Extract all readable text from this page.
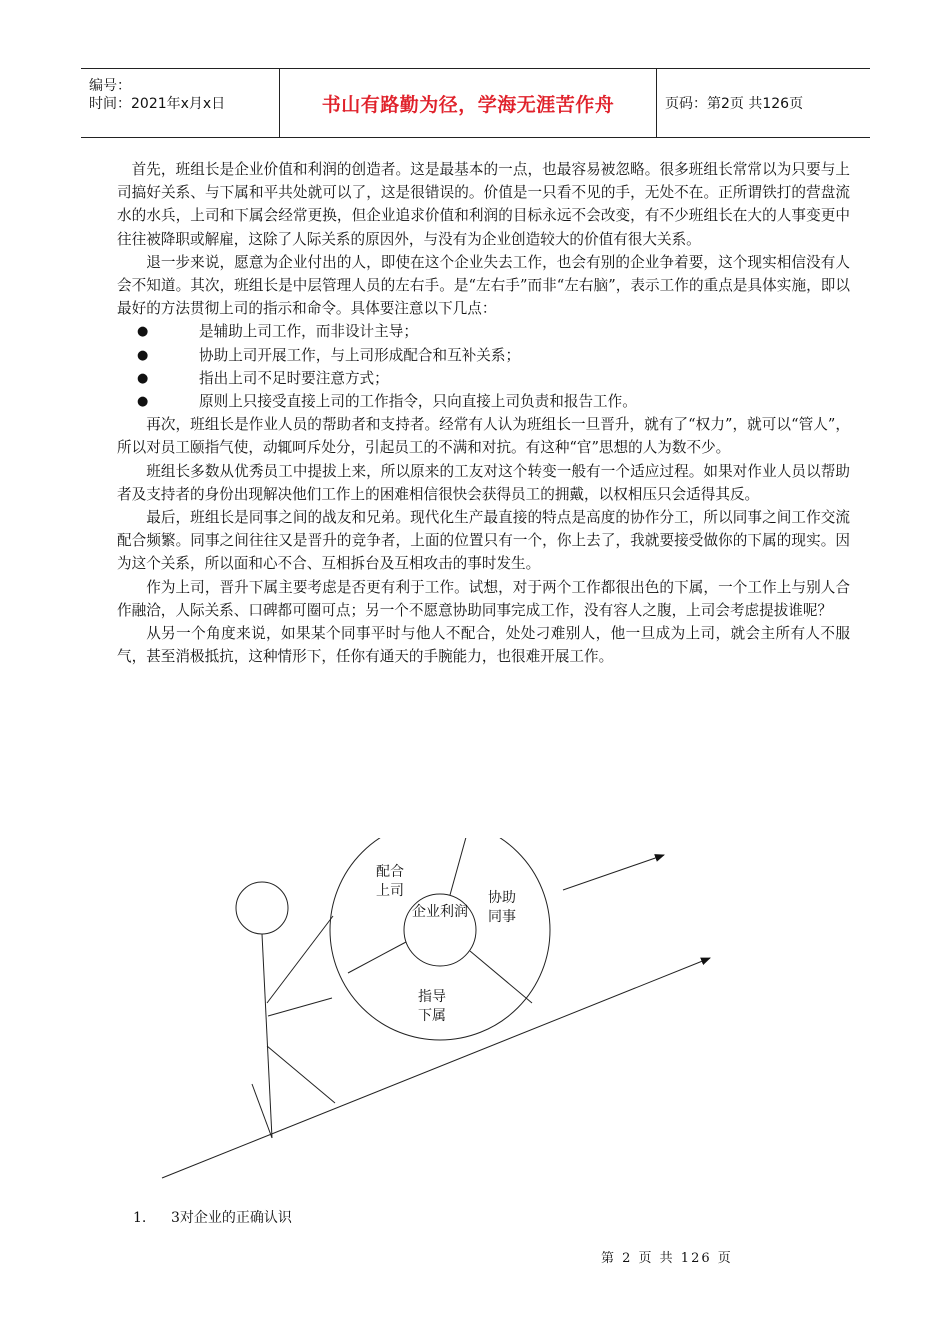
编号：
时间：2021年x月x日	书山有路勤为径，学海无涯苦作舟	页码：第2页 共126页

首先，班组长是企业价值和利润的创造者。这是最基本的一点，也最容易被忽略。很多班组长常常以为只要与上司搞好关系、与下属和平共处就可以了，这是很错误的。价值是一只看不见的手，无处不在。正所谓铁打的营盘流水的水兵，上司和下属会经常更换，但企业追求价值和利润的目标永远不会改变，有不少班组长在大的人事变更中往往被降职或解雇，这除了人际关系的原因外，与没有为企业创造较大的价值有很大关系。

退一步来说，愿意为企业付出的人，即使在这个企业失去工作，也会有别的企业争着要，这个现实相信没有人会不知道。其次，班组长是中层管理人员的左右手。是“左右手”而非“左右脑”，表示工作的重点是具体实施，即以最好的方法贯彻上司的指示和命令。具体要注意以下几点：

●	是辅助上司工作，而非设计主导；
●	协助上司开展工作，与上司形成配合和互补关系；
●	指出上司不足时要注意方式；
●	原则上只接受直接上司的工作指令，只向直接上司负责和报告工作。

再次，班组长是作业人员的帮助者和支持者。经常有人认为班组长一旦晋升，就有了“权力”，就可以“管人”，所以对员工颐指气使，动辄呵斥处分，引起员工的不满和对抗。有这种“官”思想的人为数不少。

班组长多数从优秀员工中提拔上来，所以原来的工友对这个转变一般有一个适应过程。如果对作业人员以帮助者及支持者的身份出现解决他们工作上的困难相信很快会获得员工的拥戴，以权相压只会适得其反。

最后，班组长是同事之间的战友和兄弟。现代化生产最直接的特点是高度的协作分工，所以同事之间工作交流配合频繁。同事之间往往又是晋升的竞争者，上面的位置只有一个，你上去了，我就要接受做你的下属的现实。因为这个关系，所以面和心不合、互相拆台及互相攻击的事时发生。

作为上司，晋升下属主要考虑是否更有利于工作。试想，对于两个工作都很出色的下属，一个工作上与别人合作融洽，人际关系、口碑都可圈可点；另一个不愿意协助同事完成工作，没有容人之腹，上司会考虑提拔谁呢？

从另一个角度来说，如果某个同事平时与他人不配合，处处刁难别人，他一旦成为上司，就会主所有人不服气，甚至消极抵抗，这种情形下，任你有通天的手腕能力，也很难开展工作。

企业利润
配合
上司	协助
同事
指导
下属
1. 3对企业的正确认识
第 2 页 共 126 页
